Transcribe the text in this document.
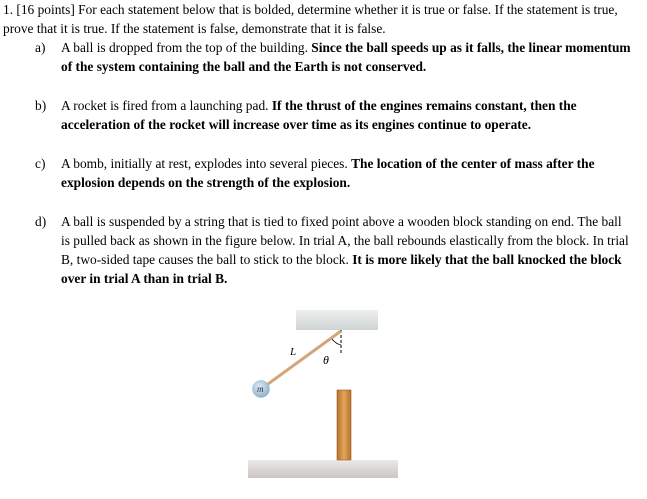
1. [16 points] For each statement below that is bolded, determine whether it is true or false. If the statement is true, prove that it is true. If the statement is false, demonstrate that it is false.

a) A ball is dropped from the top of the building. Since the ball speeds up as it falls, the linear momentum of the system containing the ball and the Earth is not conserved.
b) A rocket is fired from a launching pad. If the thrust of the engines remains constant, then the acceleration of the rocket will increase over time as its engines continue to operate.
c) A bomb, initially at rest, explodes into several pieces. The location of the center of mass after the explosion depends on the strength of the explosion.
d) A ball is suspended by a string that is tied to fixed point above a wooden block standing on end. The ball is pulled back as shown in the figure below. In trial A, the ball rebounds elastically from the block. In trial B, two-sided tape causes the ball to stick to the block. It is more likely that the ball knocked the block over in trial A than in trial B.
L
θ
m
